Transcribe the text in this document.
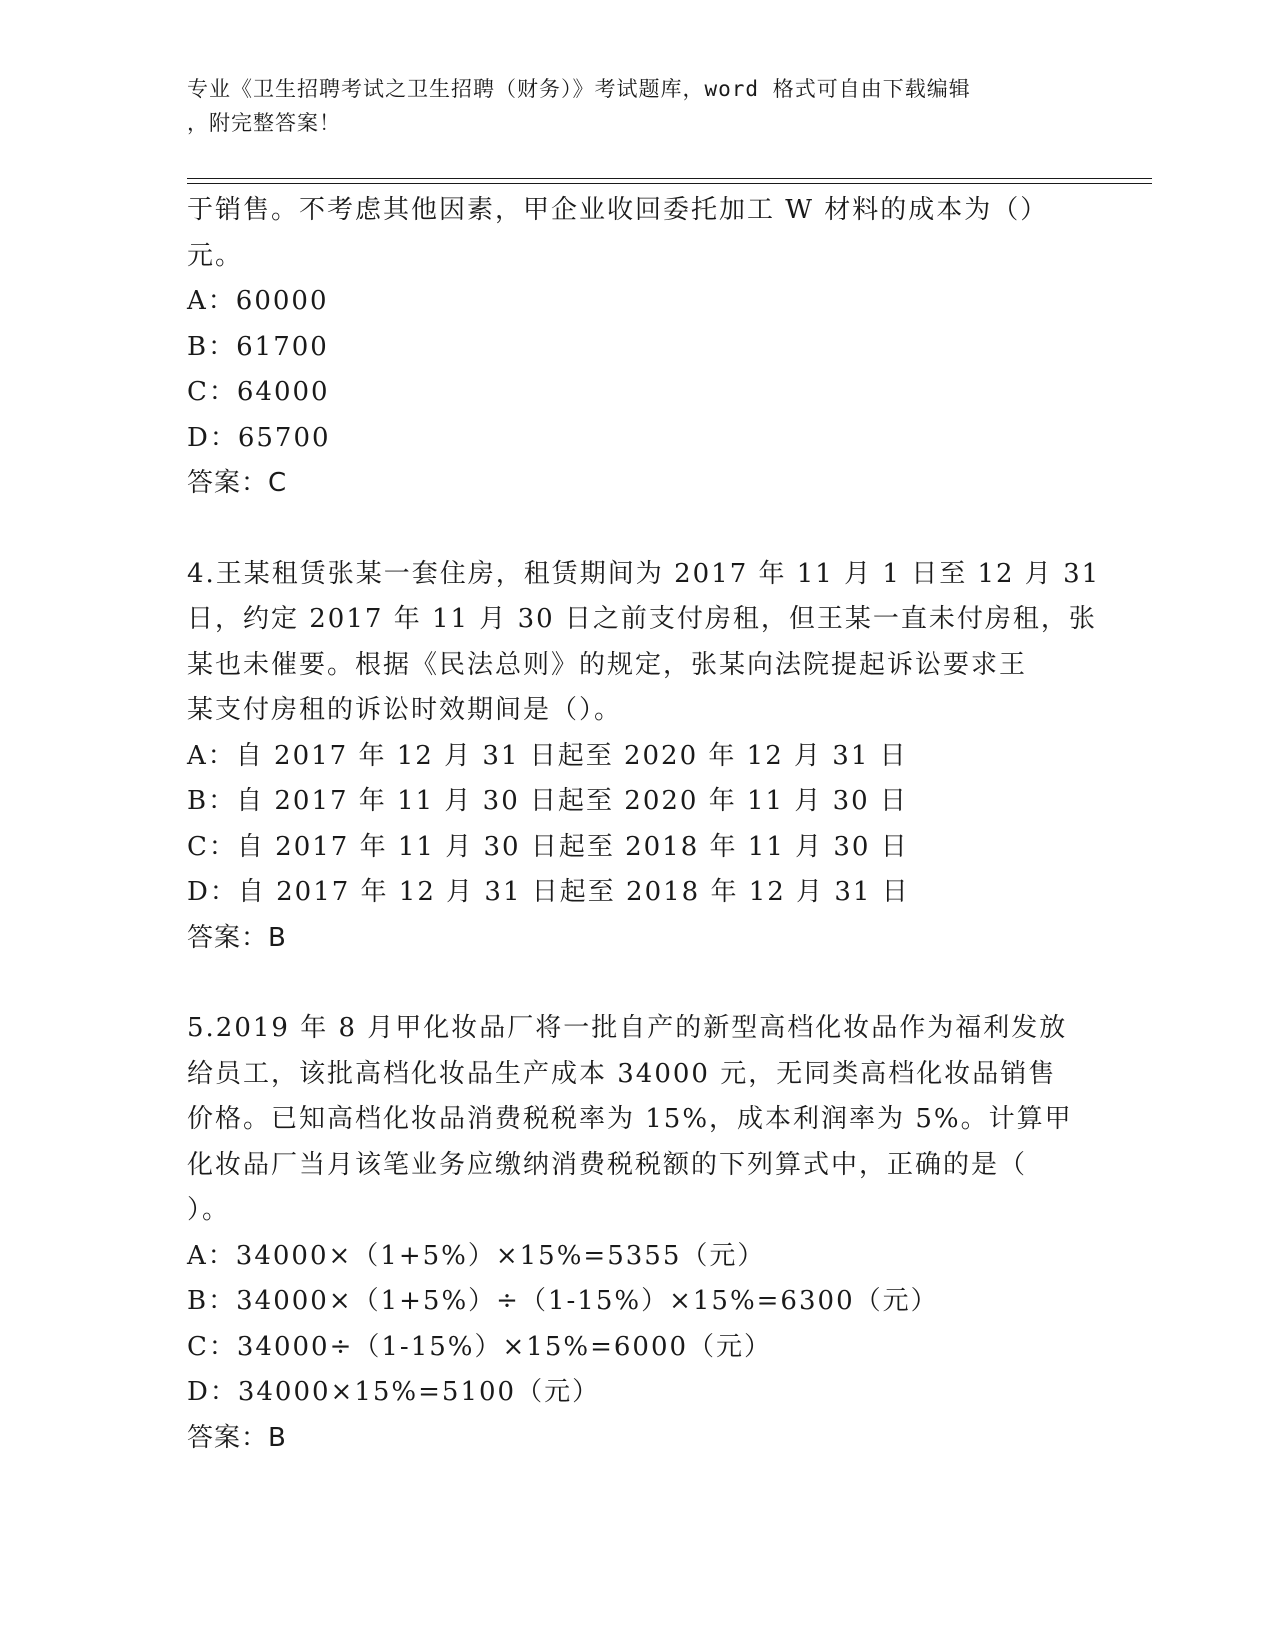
专业《卫生招聘考试之卫生招聘（财务）》考试题库，word 格式可自由下载编辑
，附完整答案！
于销售。不考虑其他因素，甲企业收回委托加工 W 材料的成本为（）
元。
A：60000
B：61700
C：64000
D：65700
答案：C
4.王某租赁张某一套住房，租赁期间为 2017 年 11 月 1 日至 12 月 31
日，约定 2017 年 11 月 30 日之前支付房租，但王某一直未付房租，张
某也未催要。根据《民法总则》的规定，张某向法院提起诉讼要求王
某支付房租的诉讼时效期间是（）。
A：自 2017 年 12 月 31 日起至 2020 年 12 月 31 日
B：自 2017 年 11 月 30 日起至 2020 年 11 月 30 日
C：自 2017 年 11 月 30 日起至 2018 年 11 月 30 日
D：自 2017 年 12 月 31 日起至 2018 年 12 月 31 日
答案：B
5.2019 年 8 月甲化妆品厂将一批自产的新型高档化妆品作为福利发放
给员工，该批高档化妆品生产成本 34000 元，无同类高档化妆品销售
价格。已知高档化妆品消费税税率为 15%，成本利润率为 5%。计算甲
化妆品厂当月该笔业务应缴纳消费税税额的下列算式中，正确的是（
）。
A：34000×（1+5%）×15%=5355（元）
B：34000×（1+5%）÷（1-15%）×15%=6300（元）
C：34000÷（1-15%）×15%=6000（元）
D：34000×15%=5100（元）
答案：B
